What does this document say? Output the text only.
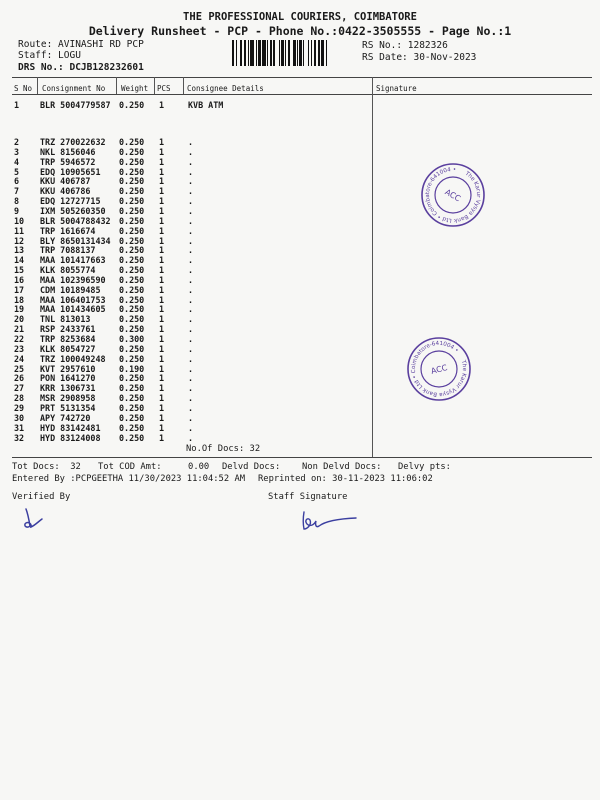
THE PROFESSIONAL COURIERS, COIMBATORE
Delivery Runsheet - PCP - Phone No.:0422-3505555 - Page No.:1
Route: AVINASHI RD PCP
Staff: LOGU
DRS No.: DCJB128232601
RS No.: 1282326
RS Date: 30-Nov-2023
S No Consignment No Weight PCS Consignee Details	Signature
1 BLR 5004779587 0.250 1	KVB ATM
2 TRZ 270022632 0.250 1	.
3 NKL 8156046	0.250 1	.
4 TRP 5946572	0.250 1	.
5 EDQ 10905651 0.250 1	.
6 KKU 406787	0.250 1	.
7 KKU 406786	0.250 1	.
8 EDQ 12727715 0.250 1	.
9 IXM 505260350 0.250 1	.
10 BLR 5004788432 0.250 1	.
11 TRP 1616674	0.250 1	.
12 BLY 8650131434 0.250 1	.
13 TRP 7088137	0.250 1	.
14 MAA 101417663 0.250 1	.
15 KLK 8055774	0.250 1	.
16 MAA 102396590 0.250 1	.
17 CDM 10189485 0.250 1	.
18 MAA 106401753 0.250 1	.
19 MAA 101434605 0.250 1	.
20 TNL 813013	0.250 1	.
21 RSP 2433761	0.250 1	.
22 TRP 8253684	0.300 1	.
23 KLK 8054727	0.250 1	.
24 TRZ 100049248 0.250 1	.
25 KVT 2957610	0.190 1	.
26 PON 1641270	0.250 1	.
27 KRR 1306731	0.250 1	.
28 MSR 2908958	0.250 1	.
29 PRT 5131354	0.250 1	.
30 APY 742720	0.250 1	.
31 HYD 83142481 0.250 1	.
32 HYD 83124008 0.250 1	.
No.Of Docs: 32
The Karur Vysya Bank Ltd • Coimbatore-641004 •
ACC
The Karur Vysya Bank Ltd • Coimbatore-641004 •
ACC
Tot Docs:  32 Tot COD Amt:     0.00 Delvd Docs: Non Delvd Docs: Delvy pts:
Entered By :PCPGEETHA 11/30/2023 11:04:52 AM Reprinted on: 30-11-2023 11:06:02
Verified By	Staff Signature
